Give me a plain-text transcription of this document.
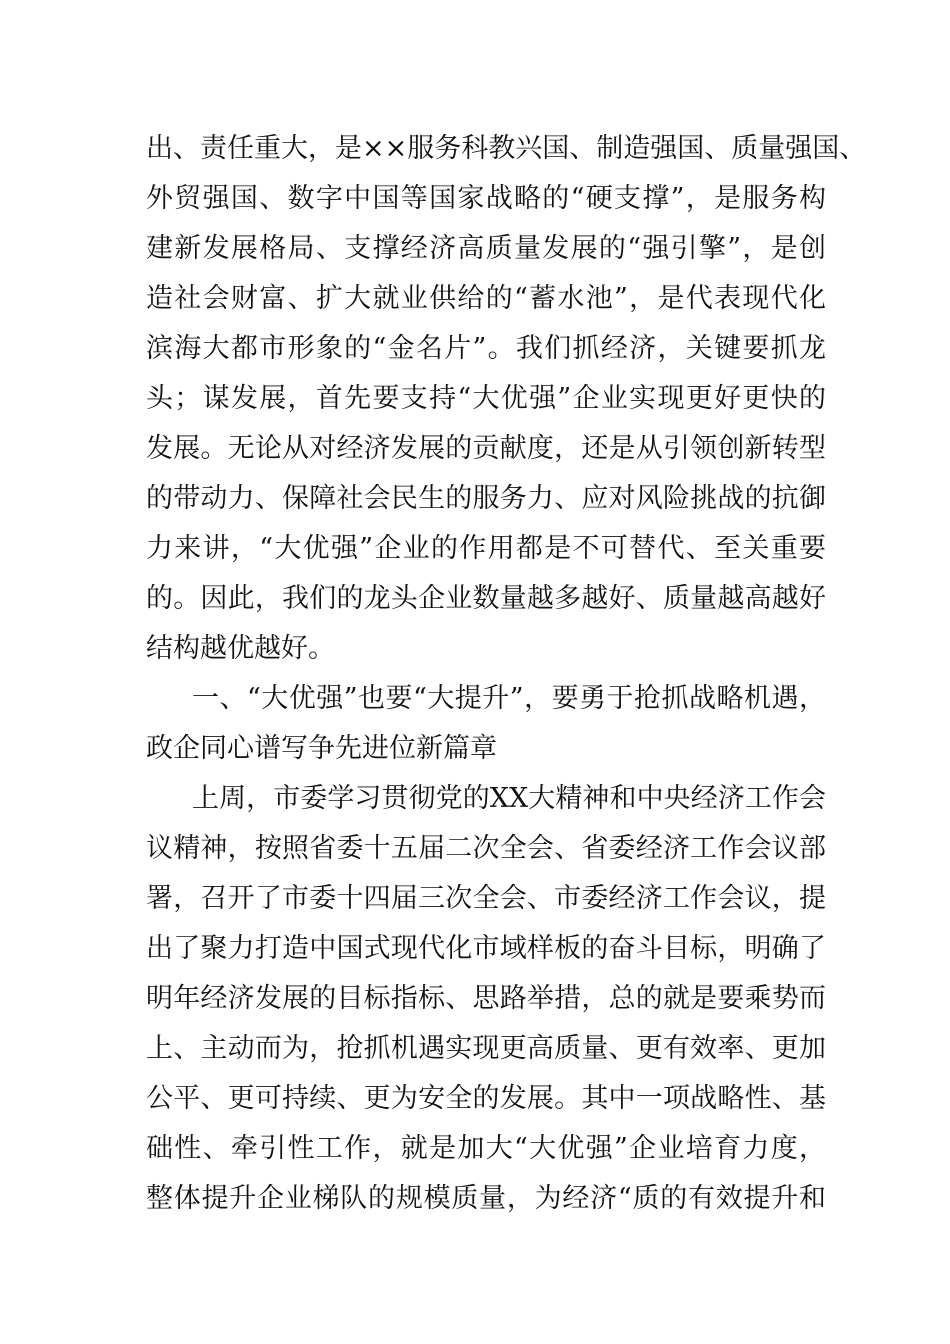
出、责任重大，是××服务科教兴国、制造强国、质量强国、
外贸强国、数字中国等国家战略的“硬支撑”，是服务构
建新发展格局、支撑经济高质量发展的“强引擎”，是创
造社会财富、扩大就业供给的“蓄水池”，是代表现代化
滨海大都市形象的“金名片”。我们抓经济，关键要抓龙
头；谋发展，首先要支持“大优强”企业实现更好更快的
发展。无论从对经济发展的贡献度，还是从引领创新转型
的带动力、保障社会民生的服务力、应对风险挑战的抗御
力来讲，“大优强”企业的作用都是不可替代、至关重要
的。因此，我们的龙头企业数量越多越好、质量越高越好
结构越优越好。
一、“大优强”也要“大提升”，要勇于抢抓战略机遇，
政企同心谱写争先进位新篇章
上周，市委学习贯彻党的XX大精神和中央经济工作会
议精神，按照省委十五届二次全会、省委经济工作会议部
署，召开了市委十四届三次全会、市委经济工作会议，提
出了聚力打造中国式现代化市域样板的奋斗目标，明确了
明年经济发展的目标指标、思路举措，总的就是要乘势而
上、主动而为，抢抓机遇实现更高质量、更有效率、更加
公平、更可持续、更为安全的发展。其中一项战略性、基
础性、牵引性工作，就是加大“大优强”企业培育力度，
整体提升企业梯队的规模质量，为经济“质的有效提升和
